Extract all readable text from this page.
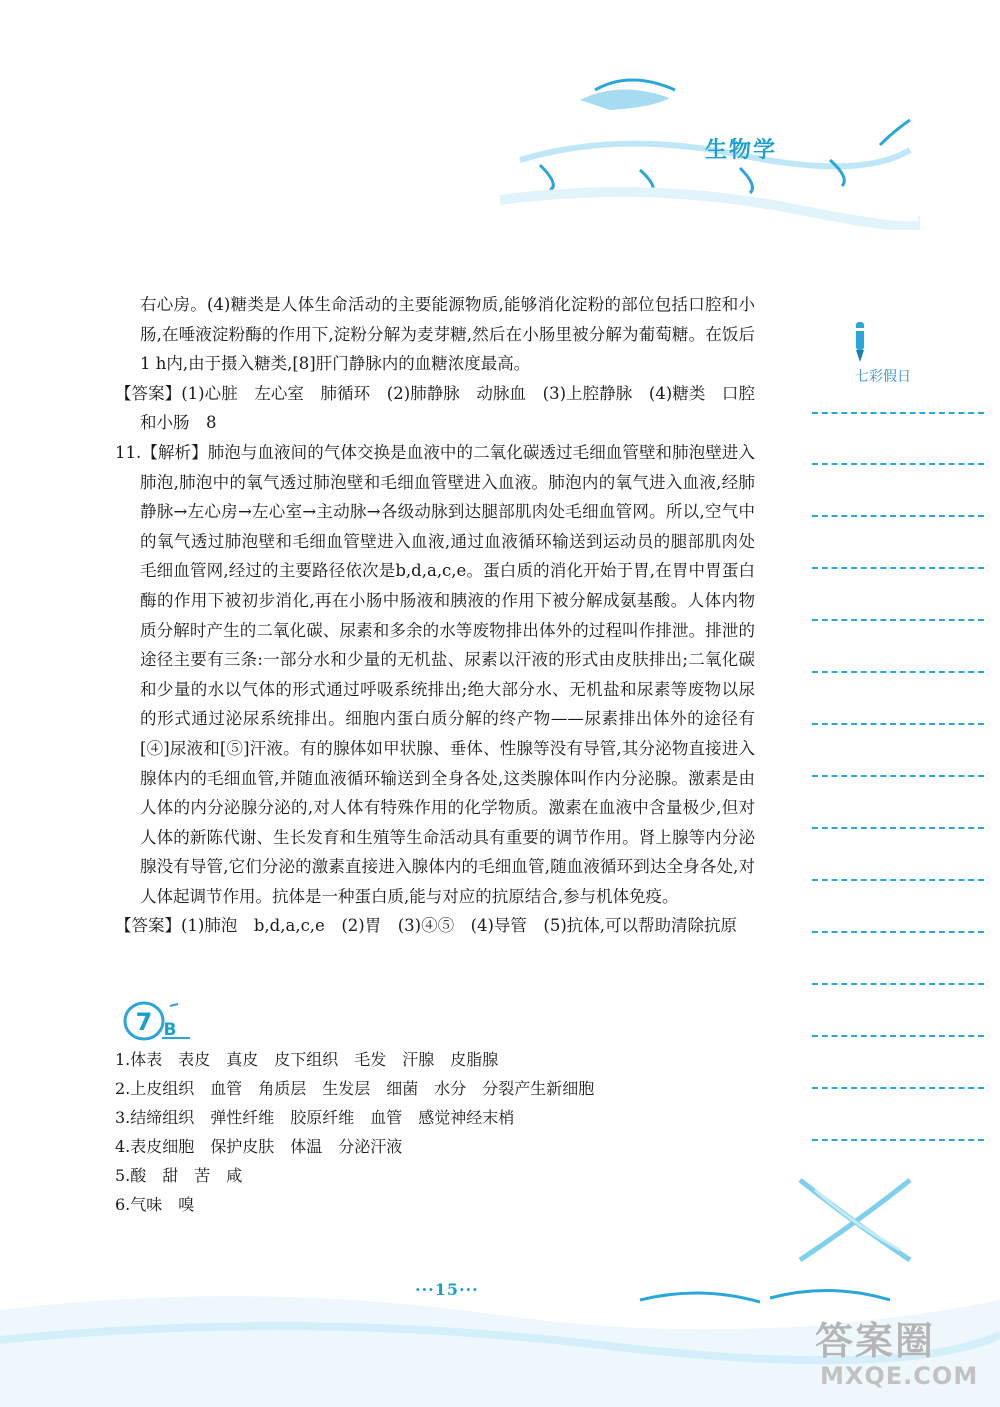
生物学

右心房。(4)糖类是人体生命活动的主要能源物质,能够消化淀粉的部位包括口腔和小肠,在唾液淀粉酶的作用下,淀粉分解为麦芽糖,然后在小肠里被分解为葡萄糖。在饭后1 h内,由于摄入糖类,[8]肝门静脉内的血糖浓度最高。

【答案】(1)心脏　左心室　肺循环　(2)肺静脉　动脉血　(3)上腔静脉　(4)糖类　口腔和小肠　8

11.【解析】肺泡与血液间的气体交换是血液中的二氧化碳透过毛细血管壁和肺泡壁进入肺泡,肺泡中的氧气透过肺泡壁和毛细血管壁进入血液。肺泡内的氧气进入血液,经肺静脉→左心房→左心室→主动脉→各级动脉到达腿部肌肉处毛细血管网。所以,空气中的氧气透过肺泡壁和毛细血管壁进入血液,通过血液循环输送到运动员的腿部肌肉处毛细血管网,经过的主要路径依次是b,d,a,c,e。蛋白质的消化开始于胃,在胃中胃蛋白酶的作用下被初步消化,再在小肠中肠液和胰液的作用下被分解成氨基酸。人体内物质分解时产生的二氧化碳、尿素和多余的水等废物排出体外的过程叫作排泄。排泄的途径主要有三条:一部分水和少量的无机盐、尿素以汗液的形式由皮肤排出;二氧化碳和少量的水以气体的形式通过呼吸系统排出;绝大部分水、无机盐和尿素等废物以尿的形式通过泌尿系统排出。细胞内蛋白质分解的终产物——尿素排出体外的途径有[④]尿液和[⑤]汗液。有的腺体如甲状腺、垂体、性腺等没有导管,其分泌物直接进入腺体内的毛细血管,并随血液循环输送到全身各处,这类腺体叫作内分泌腺。激素是由人体的内分泌腺分泌的,对人体有特殊作用的化学物质。激素在血液中含量极少,但对人体的新陈代谢、生长发育和生殖等生命活动具有重要的调节作用。肾上腺等内分泌腺没有导管,它们分泌的激素直接进入腺体内的毛细血管,随血液循环到达全身各处,对人体起调节作用。抗体是一种蛋白质,能与对应的抗原结合,参与机体免疫。

【答案】(1)肺泡　b,d,a,c,e　(2)胃　(3)④⑤　(4)导管　(5)抗体,可以帮助清除抗原

七彩假日
7 B
1.体表　表皮　真皮　皮下组织　毛发　汗腺　皮脂腺
2.上皮组织　血管　角质层　生发层　细菌　水分　分裂产生新细胞
3.结缔组织　弹性纤维　胶原纤维　血管　感觉神经末梢
4.表皮细胞　保护皮肤　体温　分泌汗液
5.酸　甜　苦　咸
6.气味　嗅
···15···
答案圈
MXQE.COM
